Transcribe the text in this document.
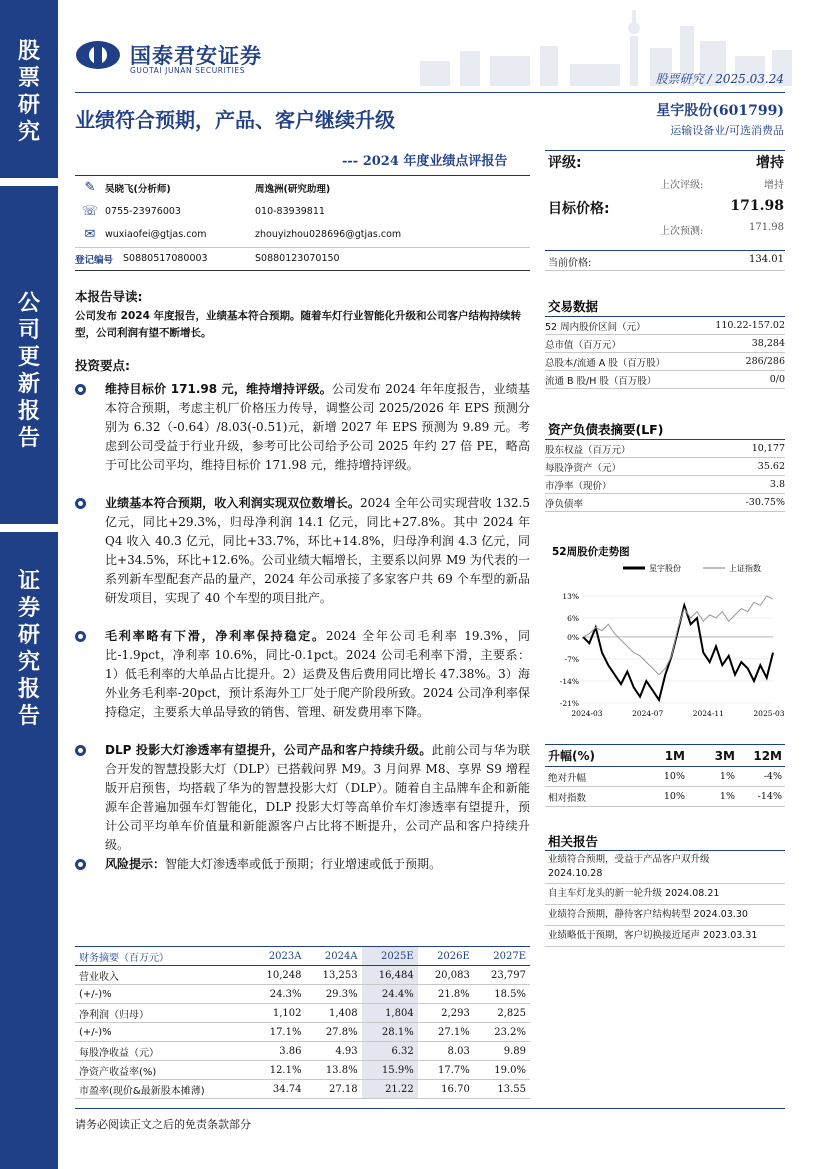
股票研究
公司更新报告
证券研究报告
国泰君安证券
GUOTAI JUNAN SECURITIES
股票研究 / 2025.03.24
业绩符合预期，产品、客户继续升级
--- 2024 年度业绩点评报告
星宇股份(601799)
运输设备业/可选消费品
✎	吴晓飞(分析师)	周逸洲(研究助理)
☏ 0755-23976003	010-83939811
✉	wuxiaofei@gtjas.com	zhouyizhou028696@gtjas.com
登记编号	S0880517080003	S0880123070150
评级:	增持
上次评级:	增持
目标价格:	171.98
上次预测:	171.98
当前价格:	134.01
交易数据
52 周内股价区间（元）	110.22-157.02
总市值（百万元）	38,284
总股本/流通 A 股（百万股）	286/286
流通 B 股/H 股（百万股）	0/0
资产负债表摘要(LF)
股东权益（百万元）	10,177
每股净资产（元）	35.62
市净率（现价）	3.8
净负债率	-30.75%
52周股价走势图
星宇股份	上证指数
13%
6%
0%
-7%
-14%
-21%
2024-03	2024-07	2024-11	2025-03
升幅(%)	1M	3M	12M
绝对升幅	10%	1%	-4%
相对指数	10%	1%	-14%
相关报告
业绩符合预期，受益于产品客户双升级
2024.10.28
自主车灯龙头的新一轮升级 2024.08.21
业绩符合预期，静待客户结构转型 2024.03.30
业绩略低于预期，客户切换接近尾声 2023.03.31
本报告导读:
公司发布 2024 年度报告，业绩基本符合预期。随着车灯行业智能化升级和公司客户结构持续转型，公司利润有望不断增长。
投资要点:
维持目标价 171.98 元，维持增持评级。公司发布 2024 年年度报告，业绩基本符合预期，考虑主机厂价格压力传导，调整公司 2025/2026 年 EPS 预测分别为 6.32（-0.64）/8.03(-0.51)元，新增 2027 年 EPS 预测为 9.89 元。考虑到公司受益于行业升级，参考可比公司给予公司 2025 年约 27 倍 PE，略高于可比公司平均，维持目标价 171.98 元，维持增持评级。
业绩基本符合预期，收入利润实现双位数增长。2024 全年公司实现营收 132.5 亿元，同比+29.3%，归母净利润 14.1 亿元，同比+27.8%。其中 2024 年 Q4 收入 40.3 亿元，同比+33.7%，环比+14.8%，归母净利润 4.3 亿元，同比+34.5%，环比+12.6%。公司业绩大幅增长，主要系以问界 M9 为代表的一系列新车型配套产品的量产，2024 年公司承接了多家客户共 69 个车型的新品研发项目，实现了 40 个车型的项目批产。
毛利率略有下滑，净利率保持稳定。2024 全年公司毛利率 19.3%，同比-1.9pct，净利率 10.6%，同比-0.1pct。2024 公司毛利率下滑，主要系：1）低毛利率的大单品占比提升。2）运费及售后费用同比增长 47.38%。3）海外业务毛利率-20pct，预计系海外工厂处于爬产阶段所致。2024 公司净利率保持稳定，主要系大单品导致的销售、管理、研发费用率下降。
DLP 投影大灯渗透率有望提升，公司产品和客户持续升级。此前公司与华为联合开发的智慧投影大灯（DLP）已搭载问界 M9。3 月问界 M8、享界 S9 增程版开启预售，均搭载了华为的智慧投影大灯（DLP）。随着自主品牌车企和新能源车企普遍加强车灯智能化，DLP 投影大灯等高单价车灯渗透率有望提升，预计公司平均单车价值量和新能源客户占比将不断提升，公司产品和客户持续升级。
风险提示：智能大灯渗透率或低于预期；行业增速或低于预期。
财务摘要（百万元）	2023A	2024A	2025E	2026E	2027E
营业收入	10,248	13,253	16,484	20,083	23,797
(+/-)%	24.3%	29.3%	24.4%	21.8%	18.5%
净利润（归母）	1,102	1,408	1,804	2,293	2,825
(+/-)%	17.1%	27.8%	28.1%	27.1%	23.2%
每股净收益（元）	3.86	4.93	6.32	8.03	9.89
净资产收益率(%)	12.1%	13.8%	15.9%	17.7%	19.0%
市盈率(现价&最新股本摊薄)	34.74	27.18	21.22	16.70	13.55
请务必阅读正文之后的免责条款部分
